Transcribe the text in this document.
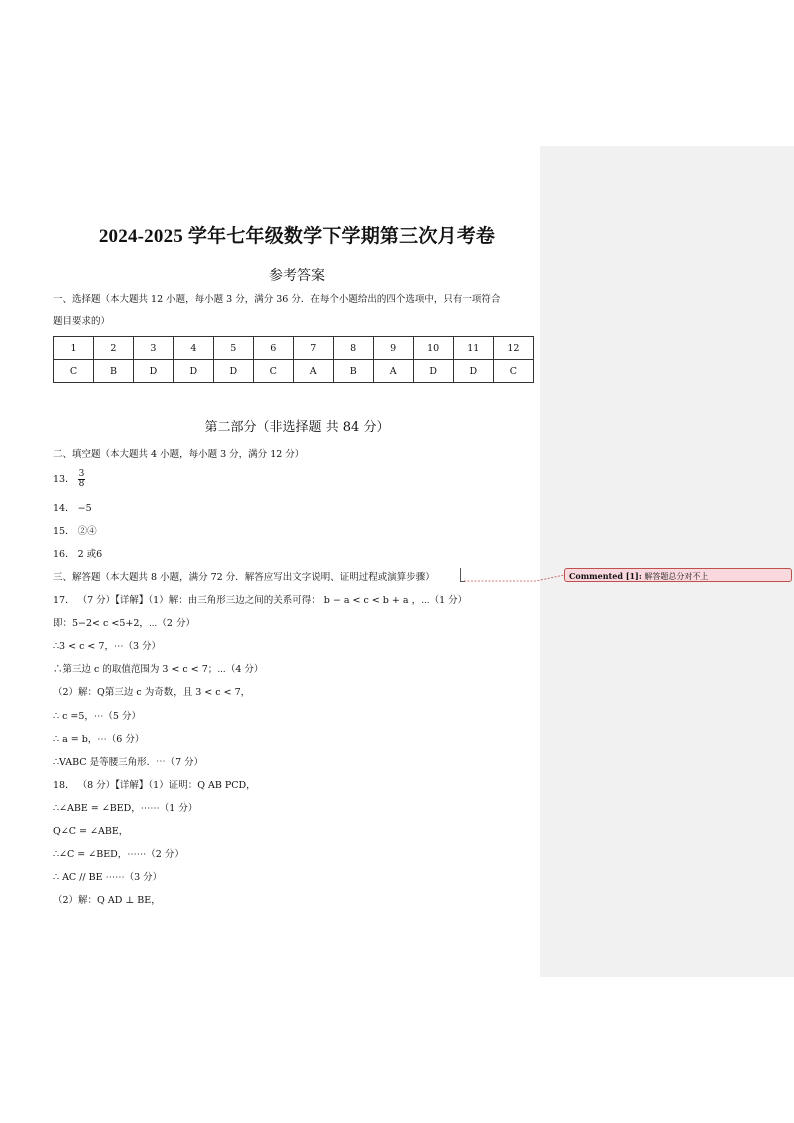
2024-2025 学年七年级数学下学期第三次月考卷
参考答案

一、选择题（本大题共 12 小题，每小题 3 分，满分 36 分．在每个小题给出的四个选项中，只有一项符合

题目要求的）

1	2	3	4	5	6	7	8	9	10	11	12
C	B	D	D	D	C	A	B	A	D	D	C
第二部分（非选择题 共 84 分）
二、填空题（本大题共 4 小题，每小题 3 分，满分 12 分）
13． $\frac{3}{8}$
14． −5
15． ②④
16． 2 或6
三、解答题（本大题共 8 小题，满分 72 分．解答应写出文字说明、证明过程或演算步骤）
17． （7 分）【详解】（1）解：由三角形三边之间的关系可得： b − a < c < b + a ，⋯（1 分）
即：5−2< c <5+2，⋯（2 分）
∴3 < c < 7，⋯（3 分）
∴第三边 c 的取值范围为 3 < c < 7；⋯（4 分）
（2）解：Q第三边 c 为奇数，且 3 < c < 7，
∴ c =5，⋯（5 分）
∴ a = b，⋯（6 分）
∴VABC 是等腰三角形．⋯（7 分）
18． （8 分）【详解】（1）证明：Q AB PCD，
∴∠ABE = ∠BED，⋯⋯（1 分）
Q∠C = ∠ABE，
∴∠C = ∠BED，⋯⋯（2 分）
∴ AC // BE ⋯⋯（3 分）
（2）解：Q AD ⊥ BE，
Commented [1]: 解答题总分对不上
